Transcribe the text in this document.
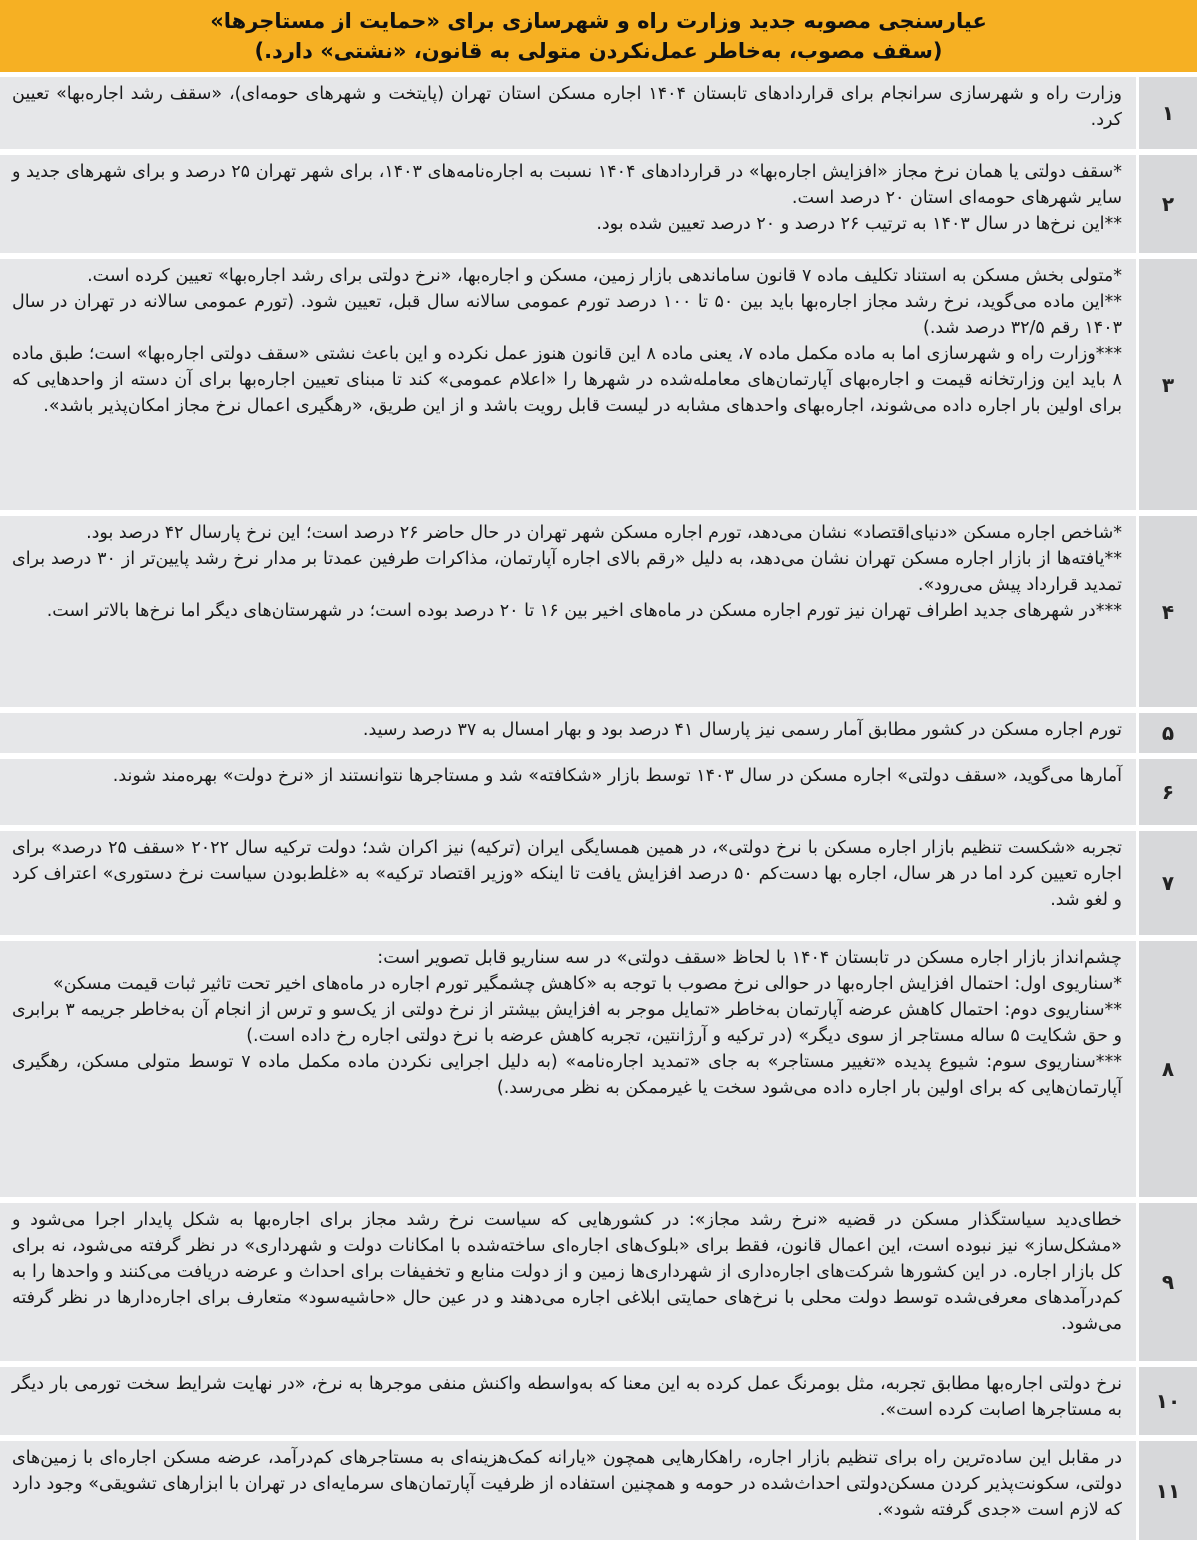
عیارسنجی مصوبه جدید وزارت راه و شهرسازی برای «حمایت از مستاجرها»
(سقف مصوب، به‌خاطر عمل‌نکردن متولی به قانون، «نشتی» دارد.)
۱

وزارت راه و شهرسازی سرانجام برای قراردادهای تابستان ۱۴۰۴ اجاره مسکن استان تهران (پایتخت و شهرهای حومه‌ای)، «سقف رشد اجاره‌بها» تعیین کرد.

۲

*سقف دولتی یا همان نرخ مجاز «افزایش اجاره‌بها» در قراردادهای ۱۴۰۴ نسبت به اجاره‌نامه‌های ۱۴۰۳، برای شهر تهران ۲۵ درصد و برای شهرهای جدید و سایر شهرهای حومه‌ای استان ۲۰ درصد است.

**این نرخ‌ها در سال ۱۴۰۳ به ترتیب ۲۶ درصد و ۲۰ درصد تعیین شده بود.

۳

*متولی بخش مسکن به استناد تکلیف ماده ۷ قانون ساماندهی بازار زمین، مسکن و اجاره‌بها، «نرخ دولتی برای رشد اجاره‌بها» تعیین کرده است.

**این ماده می‌گوید، نرخ رشد مجاز اجاره‌بها باید بین ۵۰ تا ۱۰۰ درصد تورم عمومی سالانه سال قبل، تعیین شود. (تورم عمومی سالانه در تهران در سال ۱۴۰۳ رقم ۳۲/۵ درصد شد.)

***وزارت راه و شهرسازی اما به ماده مکمل ماده ۷، یعنی ماده ۸ این قانون هنوز عمل نکرده و این باعث نشتی «سقف دولتی اجاره‌بها» است؛ طبق ماده ۸ باید این وزارتخانه قیمت و اجاره‌بهای آپارتمان‌های معامله‌شده در شهرها را «اعلام عمومی» کند تا مبنای تعیین اجاره‌بها برای آن دسته از واحدهایی که برای اولین بار اجاره داده می‌شوند، اجاره‌بهای واحدهای مشابه در لیست قابل رویت باشد و از این طریق، «رهگیری اعمال نرخ مجاز امکان‌پذیر باشد».

۴

*شاخص اجاره مسکن «دنیای‌اقتصاد» نشان می‌دهد، تورم اجاره مسکن شهر تهران در حال حاضر ۲۶ درصد است؛ این نرخ پارسال ۴۲ درصد بود.

**یافته‌ها از بازار اجاره مسکن تهران نشان می‌دهد، به دلیل «رقم بالای اجاره آپارتمان، مذاکرات طرفین عمدتا بر مدار نرخ رشد پایین‌تر از ۳۰ درصد برای تمدید قرارداد پیش می‌رود».

***در شهرهای جدید اطراف تهران نیز تورم اجاره مسکن در ماه‌های اخیر بین ۱۶ تا ۲۰ درصد بوده است؛ در شهرستان‌های دیگر اما نرخ‌ها بالاتر است.

۵

تورم اجاره مسکن در کشور مطابق آمار رسمی نیز پارسال ۴۱ درصد بود و بهار امسال به ۳۷ درصد رسید.

۶

آمارها می‌گوید، «سقف دولتی» اجاره مسکن در سال ۱۴۰۳ توسط بازار «شکافته» شد و مستاجرها نتوانستند از «نرخ دولت» بهره‌مند شوند.

۷

تجربه «شکست تنظیم بازار اجاره مسکن با نرخ دولتی»، در همین همسایگی ایران (ترکیه) نیز اکران شد؛ دولت ترکیه سال ۲۰۲۲ «سقف ۲۵ درصد» برای اجاره تعیین کرد اما در هر سال، اجاره بها دست‌کم ۵۰ درصد افزایش یافت تا اینکه «وزیر اقتصاد ترکیه» به «غلط‌بودن سیاست نرخ دستوری» اعتراف کرد و لغو شد.

۸

چشم‌انداز بازار اجاره مسکن در تابستان ۱۴۰۴ با لحاظ «سقف دولتی» در سه سناریو قابل تصویر است:

*سناریوی اول: احتمال افزایش اجاره‌بها در حوالی نرخ مصوب با توجه به «کاهش چشمگیر تورم اجاره در ماه‌های اخیر تحت تاثیر ثبات قیمت مسکن»

**سناریوی دوم: احتمال کاهش عرضه آپارتمان به‌خاطر «تمایل موجر به افزایش بیشتر از نرخ دولتی از یک‌سو و ترس از انجام آن به‌خاطر جریمه ۳ برابری و حق شکایت ۵ ساله مستاجر از سوی دیگر» (در ترکیه و آرژانتین، تجربه کاهش عرضه با نرخ دولتی اجاره رخ داده است.)

***سناریوی سوم: شیوع پدیده «تغییر مستاجر» به جای «تمدید اجاره‌نامه» (به دلیل اجرایی نکردن ماده مکمل ماده ۷ توسط متولی مسکن، رهگیری آپارتمان‌هایی که برای اولین بار اجاره داده می‌شود سخت یا غیرممکن به نظر می‌رسد.)

۹

خطای‌دید سیاستگذار مسکن در قضیه «نرخ رشد مجاز»: در کشورهایی که سیاست نرخ رشد مجاز برای اجاره‌بها به شکل پایدار اجرا می‌شود و «مشکل‌ساز» نیز نبوده است، این اعمال قانون، فقط برای «بلوک‌های اجاره‌ای ساخته‌شده با امکانات دولت و شهرداری» در نظر گرفته می‌شود، نه برای کل بازار اجاره. در این کشورها شرکت‌های اجاره‌داری از شهرداری‌ها زمین و از دولت منابع و تخفیفات برای احداث و عرضه دریافت می‌کنند و واحدها را به کم‌درآمدهای معرفی‌شده توسط دولت محلی با نرخ‌های حمایتی ابلاغی اجاره می‌دهند و در عین حال «حاشیه‌سود» متعارف برای اجاره‌دارها در نظر گرفته می‌شود.

۱۰

نرخ دولتی اجاره‌بها مطابق تجربه، مثل بومرنگ عمل کرده به این معنا که به‌واسطه واکنش منفی موجرها به نرخ، «در نهایت شرایط سخت تورمی بار دیگر به مستاجرها اصابت کرده است».

۱۱

در مقابل این ساده‌ترین راه برای تنظیم بازار اجاره، راهکارهایی همچون «یارانه کمک‌هزینه‌ای به مستاجرهای کم‌درآمد، عرضه مسکن اجاره‌ای با زمین‌های دولتی، سکونت‌پذیر کردن مسکن‌دولتی احداث‌شده در حومه و همچنین استفاده از ظرفیت آپارتمان‌های سرمایه‌ای در تهران با ابزارهای تشویقی» وجود دارد که لازم است «جدی گرفته شود».
